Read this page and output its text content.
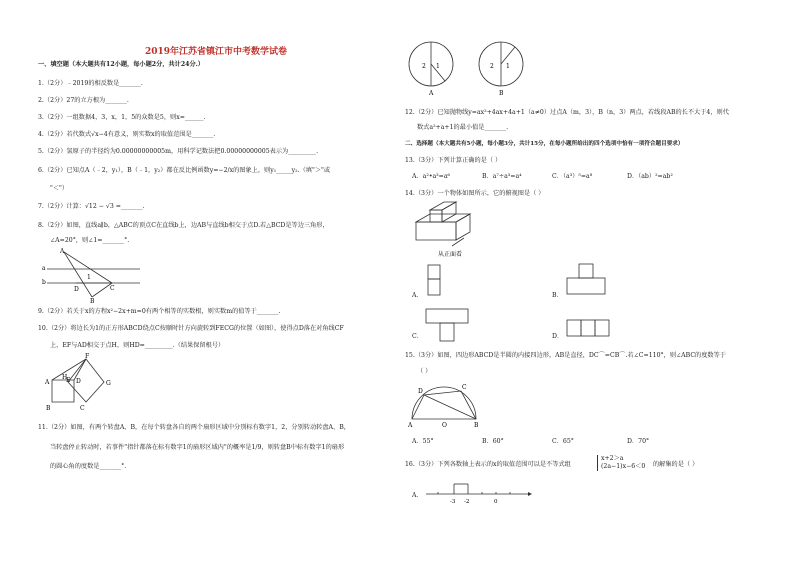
2019年江苏省镇江市中考数学试卷
一、填空题（本大题共有12小题，每小题2分，共计24分.）
1.（2分）﹣2019的相反数是_______.
2.（2分）27的立方根为_______.
3.（2分）一组数据4，3，x，1，5的众数是5，则x=______.
4.（2分）若代数式√x−4有意义，则实数x的取值范围是_______.
5.（2分）氢原子的半径约为0.00000000005m，用科学记数法把0.00000000005表示为_________.
6.（2分）已知点A（﹣2，y₁），B（﹣1，y₂）都在反比例函数y=−2/x的图象上，则y₁_____y₂.（填"＞"或
"＜"）
7.（2分）计算：√12 − √3 =_______.
8.（2分）如图，直线a∥b，△ABC的顶点C在直线b上，边AB与直线b相交于点D.若△BCD是等边三角形，
∠A=20°，则∠1=_______°.
A
a
b
1
D	C
B
9.（2分）若关于x的方程x²−2x+m=0有两个相等的实数根，则实数m的值等于_______.
10.（2分）将边长为1的正方形ABCD绕点C按顺时针方向旋转到FECG的位置（如图），使得点D落在对角线CF
上，EF与AD相交于点H，则HD=_________.（结果保留根号）
F
A
H
D
E	G
B	C
11.（2分）如图，有两个转盘A、B，在每个转盘各自的两个扇形区域中分别标有数字1，2，分别转动转盘A、B，
当转盘停止转动时，若事件"指针都落在标有数字1的扇形区域内"的概率是1/9，则转盘B中标有数字1的扇形
的圆心角的度数是_______°.
2 1
A
2 1
B
12.（2分）已知抛物线y=ax²+4ax+4a+1（a≠0）过点A（m，3），B（n，3）两点，若线段AB的长不大于4，则代
数式a²+a+1的最小值是_______.
二、选择题（本大题共有5小题，每小题3分，共计15分，在每小题所给出的四个选项中恰有一项符合题目要求）
13.（3分）下列计算正确的是（ ）
A．a²•a³=a⁶	B．a⁷÷a³=a⁴	C．（a³）⁵=a⁸	D．（ab）²=ab²
14.（3分）一个物体如图所示，它的俯视图是（ ）
从正面看
A．	B．
C．	D．
15.（3分）如图，四边形ABCD是半圆的内接四边形，AB是直径，DC⌒=CB⌒.若∠C=110°，则∠ABC的度数等于
（ ）
D
C
A	O	B
A．55°	B．60°	C．65°	D．70°
16.（3分）下列各数轴上表示的x的取值范围可以是不等式组
x+2＞a
(2a−1)x−6＜0 的解集的是（ ）
A．
-3 -2	0
